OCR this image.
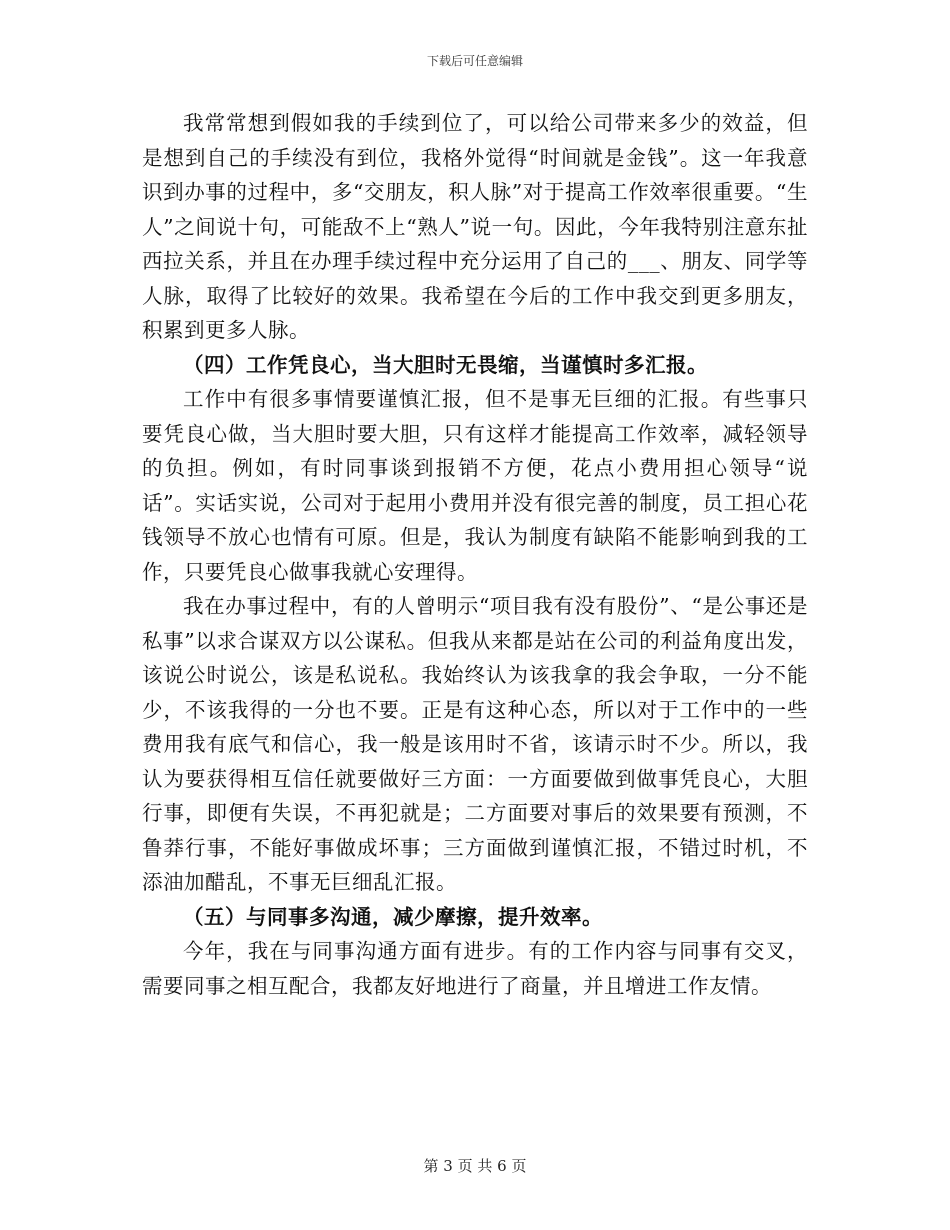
下载后可任意编辑

我常常想到假如我的手续到位了，可以给公司带来多少的效益，但是想到自己的手续没有到位，我格外觉得“时间就是金钱”。这一年我意识到办事的过程中，多“交朋友，积人脉”对于提高工作效率很重要。“生人”之间说十句，可能敌不上“熟人”说一句。因此，今年我特别注意东扯西拉关系，并且在办理手续过程中充分运用了自己的___、朋友、同学等人脉，取得了比较好的效果。我希望在今后的工作中我交到更多朋友，积累到更多人脉。

（四）工作凭良心，当大胆时无畏缩，当谨慎时多汇报。

工作中有很多事情要谨慎汇报，但不是事无巨细的汇报。有些事只要凭良心做，当大胆时要大胆，只有这样才能提高工作效率，减轻领导的负担。例如，有时同事谈到报销不方便，花点小费用担心领导“说话”。实话实说，公司对于起用小费用并没有很完善的制度，员工担心花钱领导不放心也情有可原。但是，我认为制度有缺陷不能影响到我的工作，只要凭良心做事我就心安理得。

我在办事过程中，有的人曾明示“项目我有没有股份”、“是公事还是私事”以求合谋双方以公谋私。但我从来都是站在公司的利益角度出发，该说公时说公，该是私说私。我始终认为该我拿的我会争取，一分不能少，不该我得的一分也不要。正是有这种心态，所以对于工作中的一些费用我有底气和信心，我一般是该用时不省，该请示时不少。所以，我认为要获得相互信任就要做好三方面：一方面要做到做事凭良心，大胆行事，即便有失误，不再犯就是；二方面要对事后的效果要有预测，不鲁莽行事，不能好事做成坏事；三方面做到谨慎汇报，不错过时机，不添油加醋乱，不事无巨细乱汇报。

（五）与同事多沟通，减少摩擦，提升效率。

今年，我在与同事沟通方面有进步。有的工作内容与同事有交叉，需要同事之相互配合，我都友好地进行了商量，并且增进工作友情。

第 3 页 共 6 页
